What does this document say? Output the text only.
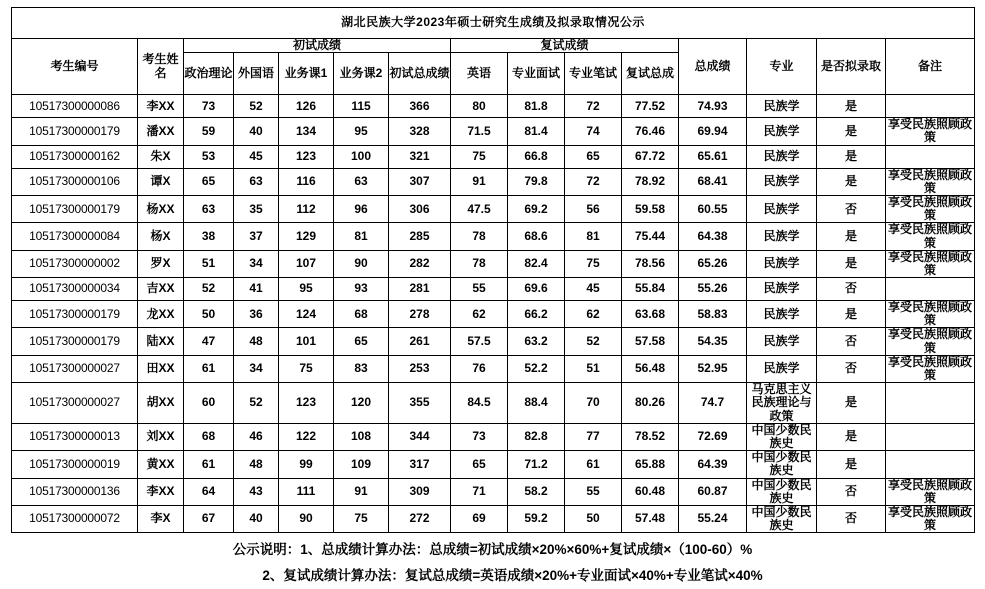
湖北民族大学2023年硕士研究生成绩及拟录取情况公示														
考生编号	考生姓名	初试成绩					复试成绩				总成绩	专业	是否拟录取	备注
		政治理论	外国语	业务课1	业务课2	初试总成绩	英语	专业面试	专业笔试	复试总成				
10517300000086	李XX	73	52	126	115	366	80	81.8	72	77.52	74.93	民族学	是	
10517300000179	潘XX	59	40	134	95	328	71.5	81.4	74	76.46	69.94	民族学	是	享受民族照顾政策
10517300000162	朱X	53	45	123	100	321	75	66.8	65	67.72	65.61	民族学	是	
10517300000106	谭X	65	63	116	63	307	91	79.8	72	78.92	68.41	民族学	是	享受民族照顾政策
10517300000179	杨XX	63	35	112	96	306	47.5	69.2	56	59.58	60.55	民族学	否	享受民族照顾政策
10517300000084	杨X	38	37	129	81	285	78	68.6	81	75.44	64.38	民族学	是	享受民族照顾政策
10517300000002	罗X	51	34	107	90	282	78	82.4	75	78.56	65.26	民族学	是	享受民族照顾政策
10517300000034	吉XX	52	41	95	93	281	55	69.6	45	55.84	55.26	民族学	否	
10517300000179	龙XX	50	36	124	68	278	62	66.2	62	63.68	58.83	民族学	是	享受民族照顾政策
10517300000179	陆XX	47	48	101	65	261	57.5	63.2	52	57.58	54.35	民族学	否	享受民族照顾政策
10517300000027	田XX	61	34	75	83	253	76	52.2	51	56.48	52.95	民族学	否	享受民族照顾政策
10517300000027	胡XX	60	52	123	120	355	84.5	88.4	70	80.26	74.7	马克思主义民族理论与政策	是	
10517300000013	刘XX	68	46	122	108	344	73	82.8	77	78.52	72.69	中国少数民族史	是	
10517300000019	黄XX	61	48	99	109	317	65	71.2	61	65.88	64.39	中国少数民族史	是	
10517300000136	李XX	64	43	111	91	309	71	58.2	55	60.48	60.87	中国少数民族史	否	享受民族照顾政策
10517300000072	李X	67	40	90	75	272	69	59.2	50	57.48	55.24	中国少数民族史	否	享受民族照顾政策
公示说明：1、总成绩计算办法：总成绩=初试成绩×20%×60%+复试成绩×（100-60）%
2、复试成绩计算办法：复试总成绩=英语成绩×20%+专业面试×40%+专业笔试×40%
